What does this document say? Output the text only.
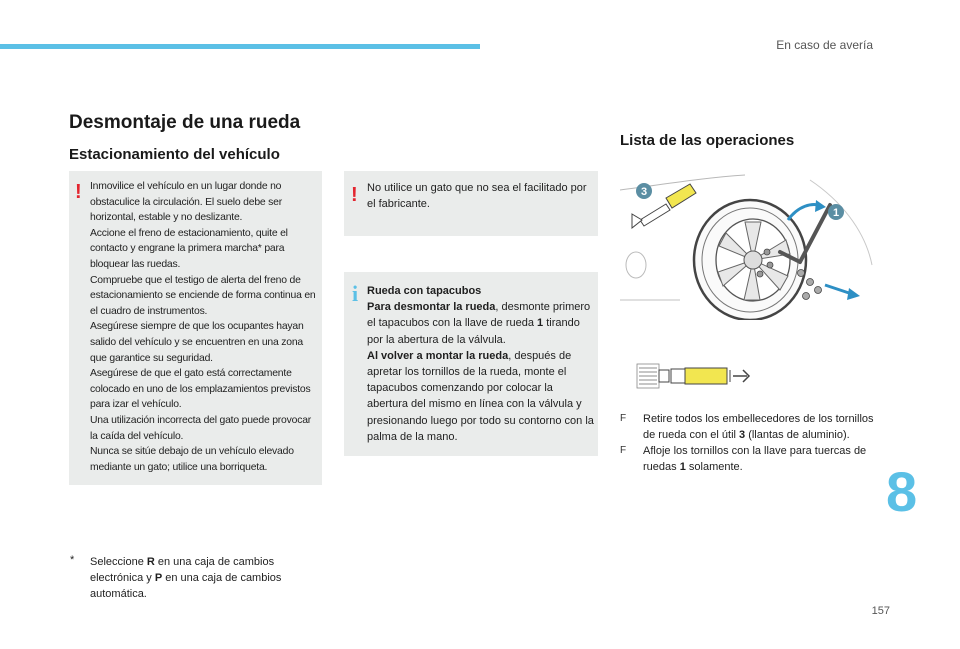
En caso de avería
Desmontaje de una rueda
Estacionamiento del vehículo
Lista de las operaciones
! Inmovilice el vehículo en un lugar donde no obstaculice la circulación. El suelo debe ser horizontal, estable y no deslizante.

Accione el freno de estacionamiento, quite el contacto y engrane la primera marcha* para bloquear las ruedas.

Compruebe que el testigo de alerta del freno de estacionamiento se enciende de forma continua en el cuadro de instrumentos.

Asegúrese siempre de que los ocupantes hayan salido del vehículo y se encuentren en una zona que garantice su seguridad.

Asegúrese de que el gato está correctamente colocado en uno de los emplazamientos previstos para izar el vehículo.

Una utilización incorrecta del gato puede provocar la caída del vehículo.

Nunca se sitúe debajo de un vehículo elevado mediante un gato; utilice una borriqueta.

! No utilice un gato que no sea el facilitado por el fabricante.
i Rueda con tapacubos

Para desmontar la rueda, desmonte primero el tapacubos con la llave de rueda 1 tirando por la abertura de la válvula.

Al volver a montar la rueda, después de apretar los tornillos de la rueda, monte el tapacubos comenzando por colocar la abertura del mismo en línea con la válvula y presionando luego por todo su contorno con la palma de la mano.

*	Seleccione R en una caja de cambios electrónica y P en una caja de cambios automática.
3
1
F Retire todos los embellecedores de los tornillos de rueda con el útil 3 (llantas de aluminio).
F Afloje los tornillos con la llave para tuercas de ruedas 1 solamente.	8
157
